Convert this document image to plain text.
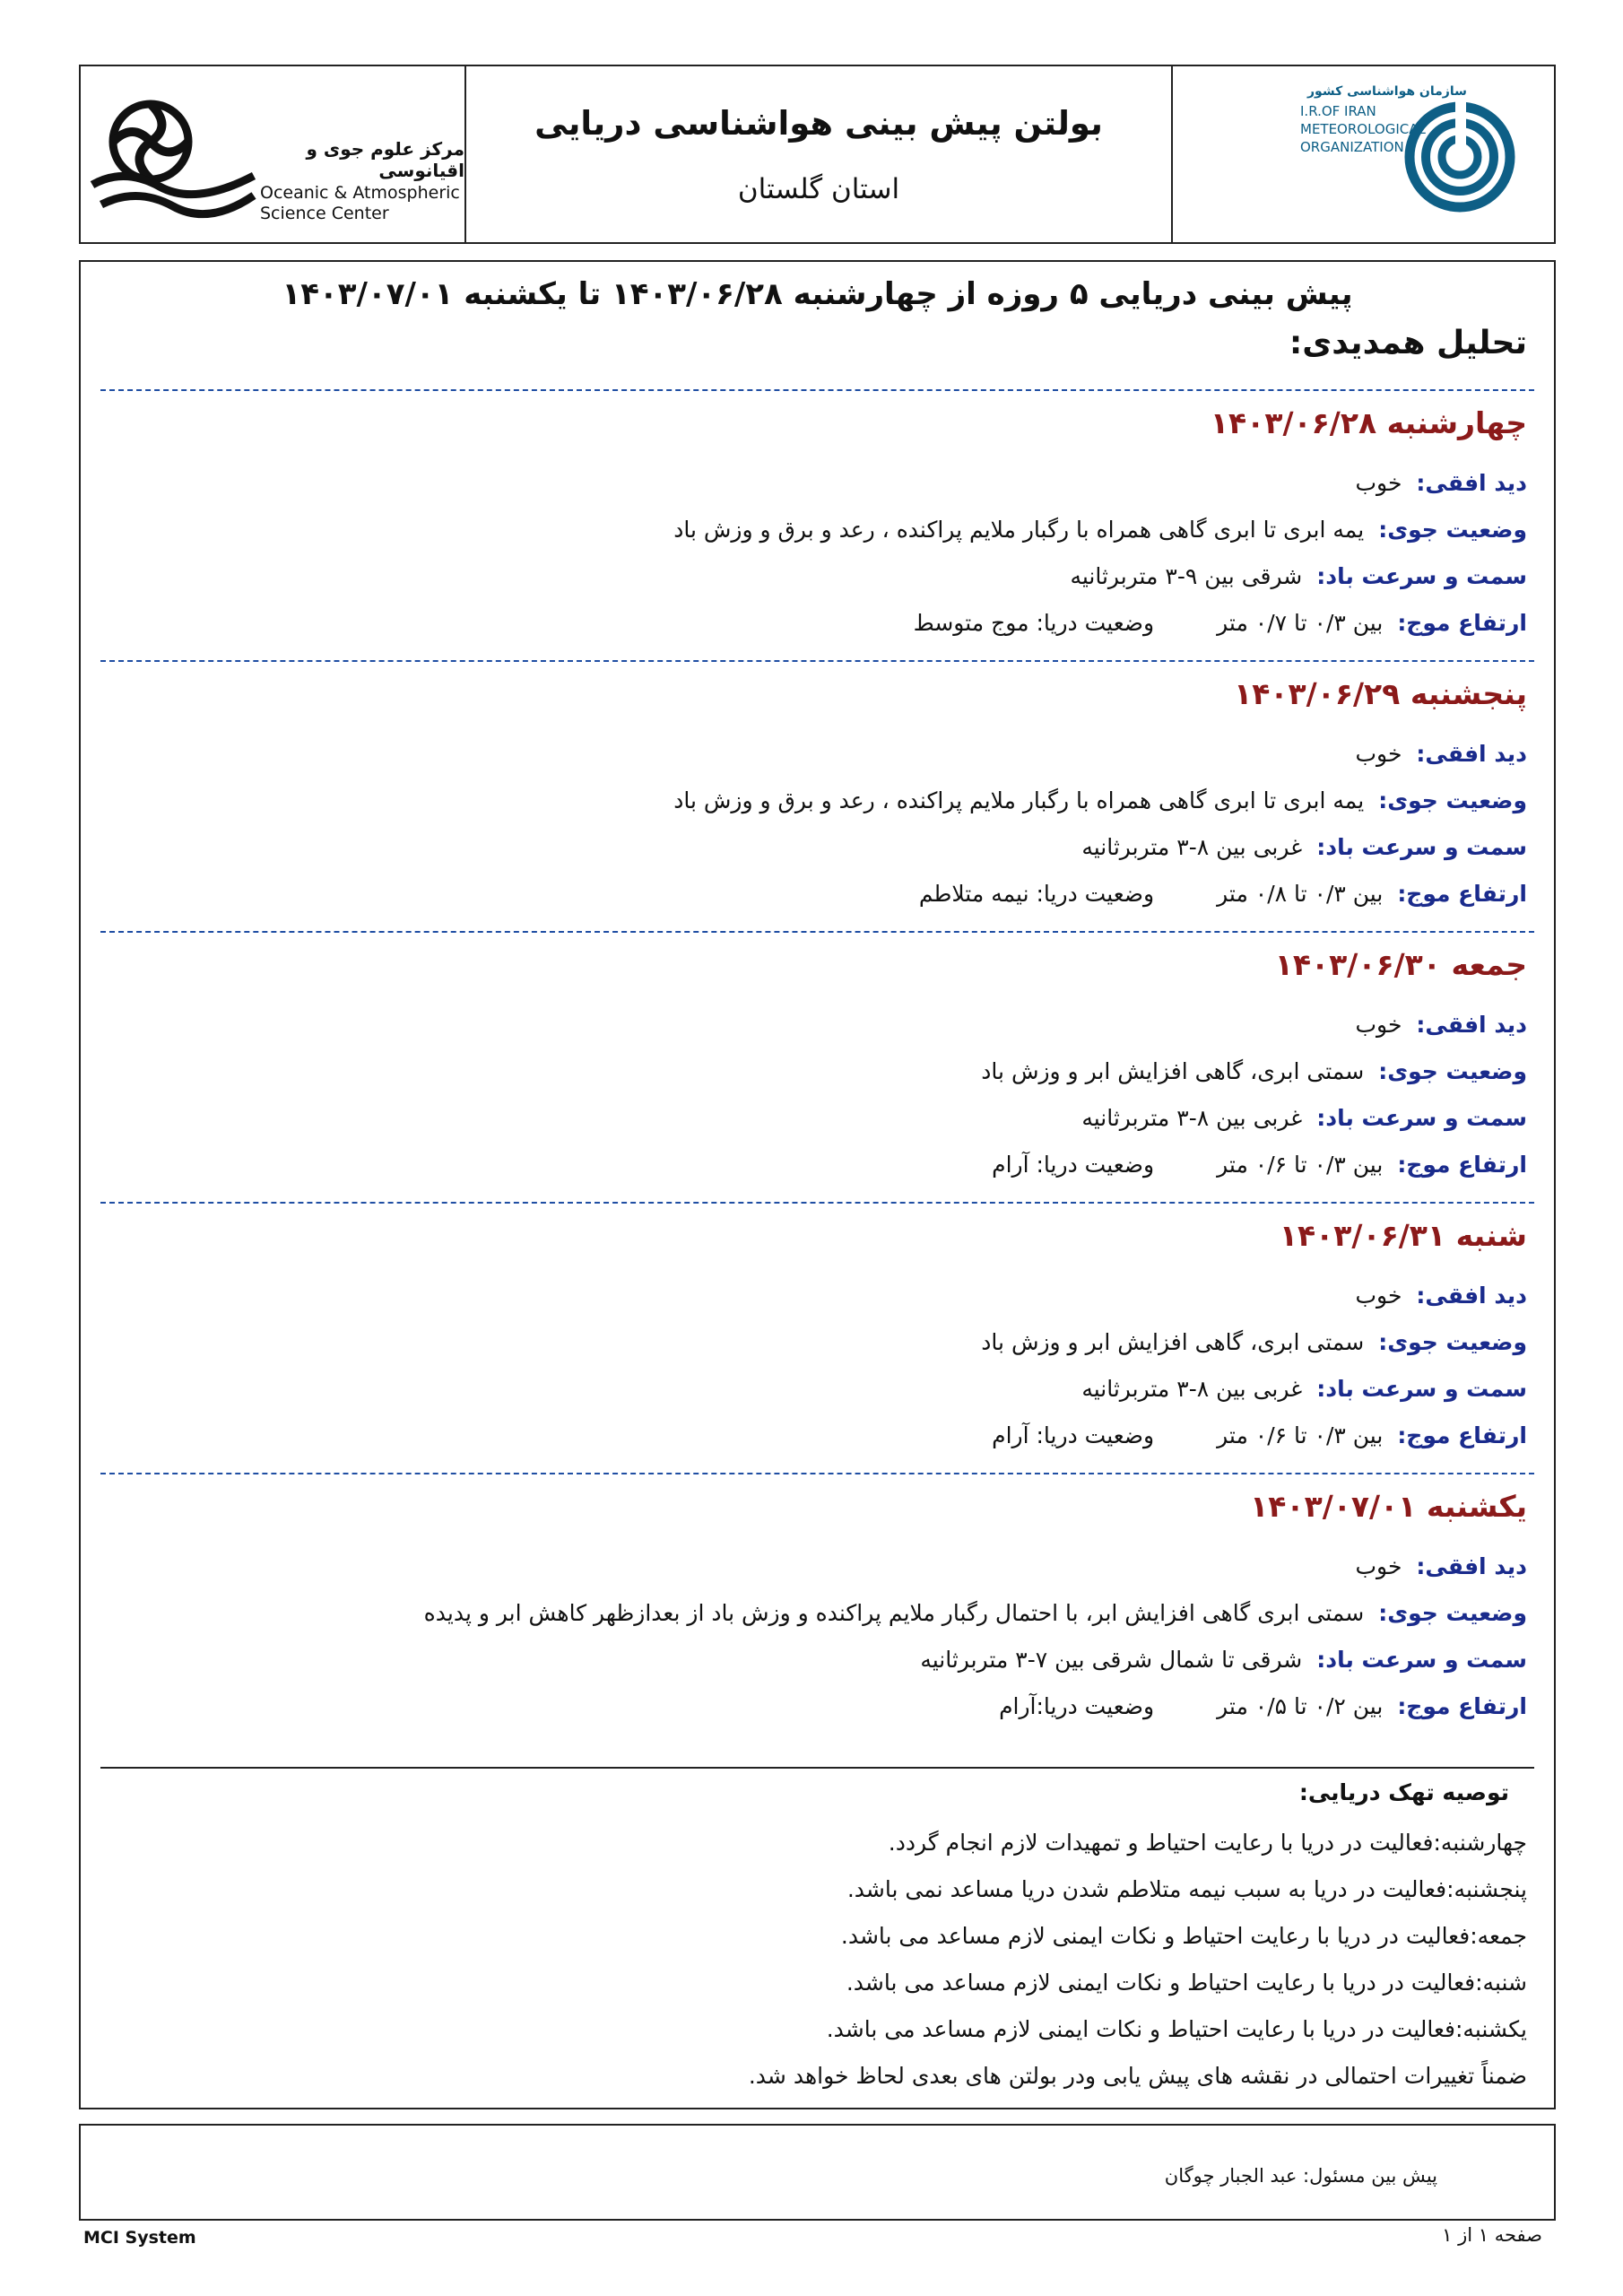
مرکز علوم جوی و اقیانوسی
Oceanic & Atmospheric
Science Center
بولتن پیش بینی هواشناسی دریایی
استان گلستان
سازمان هواشناسی کشور
I.R.OF IRAN
METEOROLOGICAL
ORGANIZATION
پیش بینی دریایی ۵ روزه از چهارشنبه ۱۴۰۳/۰۶/۲۸ تا یکشنبه ۱۴۰۳/۰۷/۰۱
تحلیل همدیدی:
چهارشنبه ۱۴۰۳/۰۶/۲۸
دید افقی:خوب
وضعیت جوی:یمه ابری تا ابری گاهی همراه با رگبار ملایم پراکنده ، رعد و برق و وزش باد
سمت و سرعت باد:شرقی بین ۹-۳ متربرثانیه
ارتفاع موج:بین ۰/۳ تا ۰/۷ متروضعیت دریا: موج متوسط
پنجشنبه ۱۴۰۳/۰۶/۲۹
دید افقی:خوب
وضعیت جوی:یمه ابری تا ابری گاهی همراه با رگبار ملایم پراکنده ، رعد و برق و وزش باد
سمت و سرعت باد:غربی بین ۸-۳ متربرثانیه
ارتفاع موج:بین ۰/۳ تا ۰/۸ متروضعیت دریا: نیمه متلاطم
جمعه ۱۴۰۳/۰۶/۳۰
دید افقی:خوب
وضعیت جوی:سمتی ابری، گاهی افزایش ابر و وزش باد
سمت و سرعت باد:غربی بین ۸-۳ متربرثانیه
ارتفاع موج:بین ۰/۳ تا ۰/۶ متروضعیت دریا: آرام
شنبه ۱۴۰۳/۰۶/۳۱
دید افقی:خوب
وضعیت جوی:سمتی ابری، گاهی افزایش ابر و وزش باد
سمت و سرعت باد:غربی بین ۸-۳ متربرثانیه
ارتفاع موج:بین ۰/۳ تا ۰/۶ متروضعیت دریا: آرام
یکشنبه ۱۴۰۳/۰۷/۰۱
دید افقی:خوب
وضعیت جوی:سمتی ابری گاهی افزایش ابر، با احتمال رگبار ملایم پراکنده و وزش باد از بعدازظهر کاهش ابر و پدیده
سمت و سرعت باد:شرقی تا شمال شرقی بین ۷-۳ متربرثانیه
ارتفاع موج:بین ۰/۲ تا ۰/۵ متروضعیت دریا:آرام
توصیه تهک دریایی:
چهارشنبه:فعالیت در دریا با رعایت احتیاط و تمهیدات لازم انجام گردد.
پنجشنبه:فعالیت در دریا به سبب نیمه متلاطم شدن دریا مساعد نمی باشد.
جمعه:فعالیت در دریا با رعایت احتیاط و نکات ایمنی لازم مساعد می باشد.
شنبه:فعالیت در دریا با رعایت احتیاط و نکات ایمنی لازم مساعد می باشد.
یکشنبه:فعالیت در دریا با رعایت احتیاط و نکات ایمنی لازم مساعد می باشد.
ضمناً تغییرات احتمالی در نقشه های پیش یابی ودر بولتن های بعدی لحاظ خواهد شد.
پیش بین مسئول: عبد الجبار چوگان
MCI System	صفحه ۱ از ۱
